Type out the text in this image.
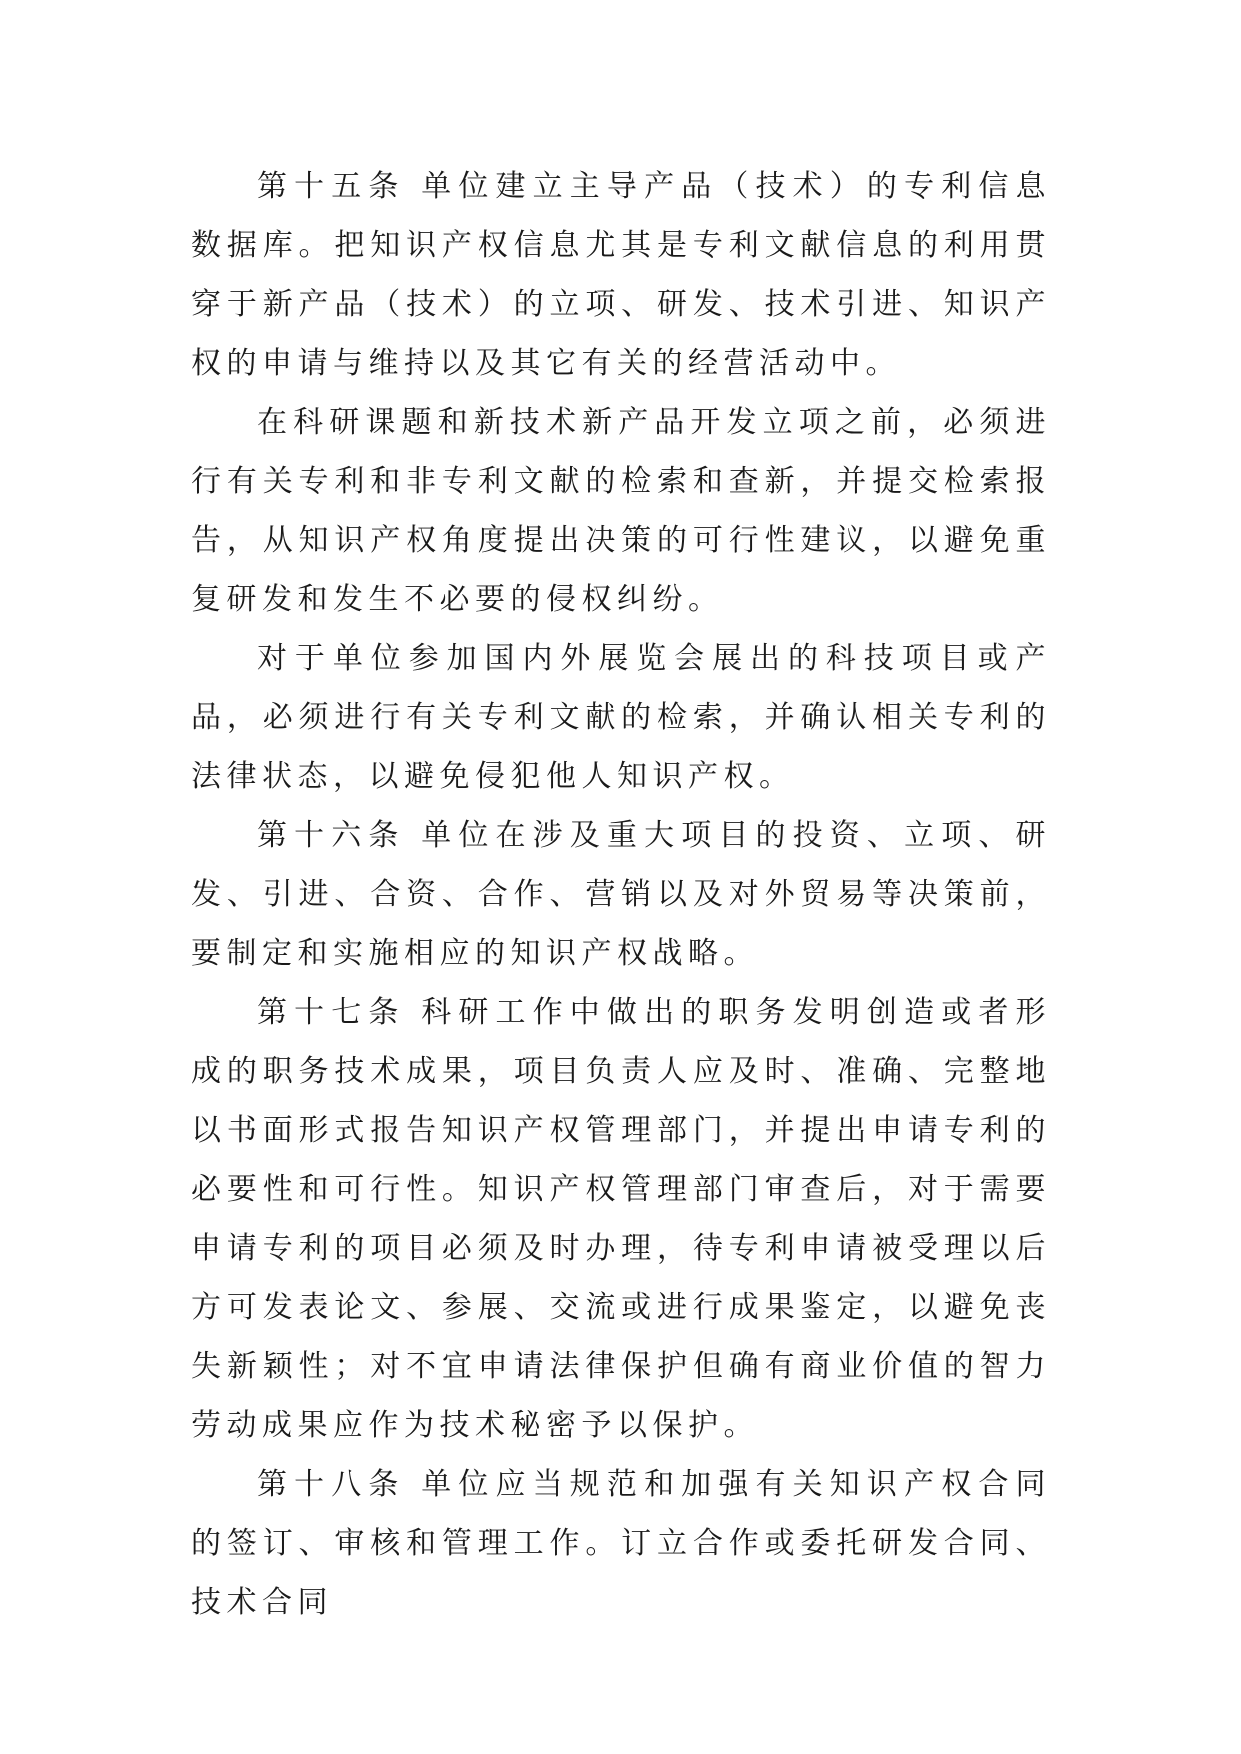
第十五条 单位建立主导产品（技术）的专利信息数据库。把知识产权信息尤其是专利文献信息的利用贯穿于新产品（技术）的立项、研发、技术引进、知识产权的申请与维持以及其它有关的经营活动中。

在科研课题和新技术新产品开发立项之前，必须进行有关专利和非专利文献的检索和查新，并提交检索报告，从知识产权角度提出决策的可行性建议，以避免重复研发和发生不必要的侵权纠纷。

对于单位参加国内外展览会展出的科技项目或产品，必须进行有关专利文献的检索，并确认相关专利的法律状态，以避免侵犯他人知识产权。

第十六条 单位在涉及重大项目的投资、立项、研发、引进、合资、合作、营销以及对外贸易等决策前，要制定和实施相应的知识产权战略。

第十七条 科研工作中做出的职务发明创造或者形成的职务技术成果，项目负责人应及时、准确、完整地以书面形式报告知识产权管理部门，并提出申请专利的必要性和可行性。知识产权管理部门审查后，对于需要申请专利的项目必须及时办理，待专利申请被受理以后方可发表论文、参展、交流或进行成果鉴定，以避免丧失新颖性；对不宜申请法律保护但确有商业价值的智力劳动成果应作为技术秘密予以保护。

第十八条 单位应当规范和加强有关知识产权合同的签订、审核和管理工作。订立合作或委托研发合同、技术合同
